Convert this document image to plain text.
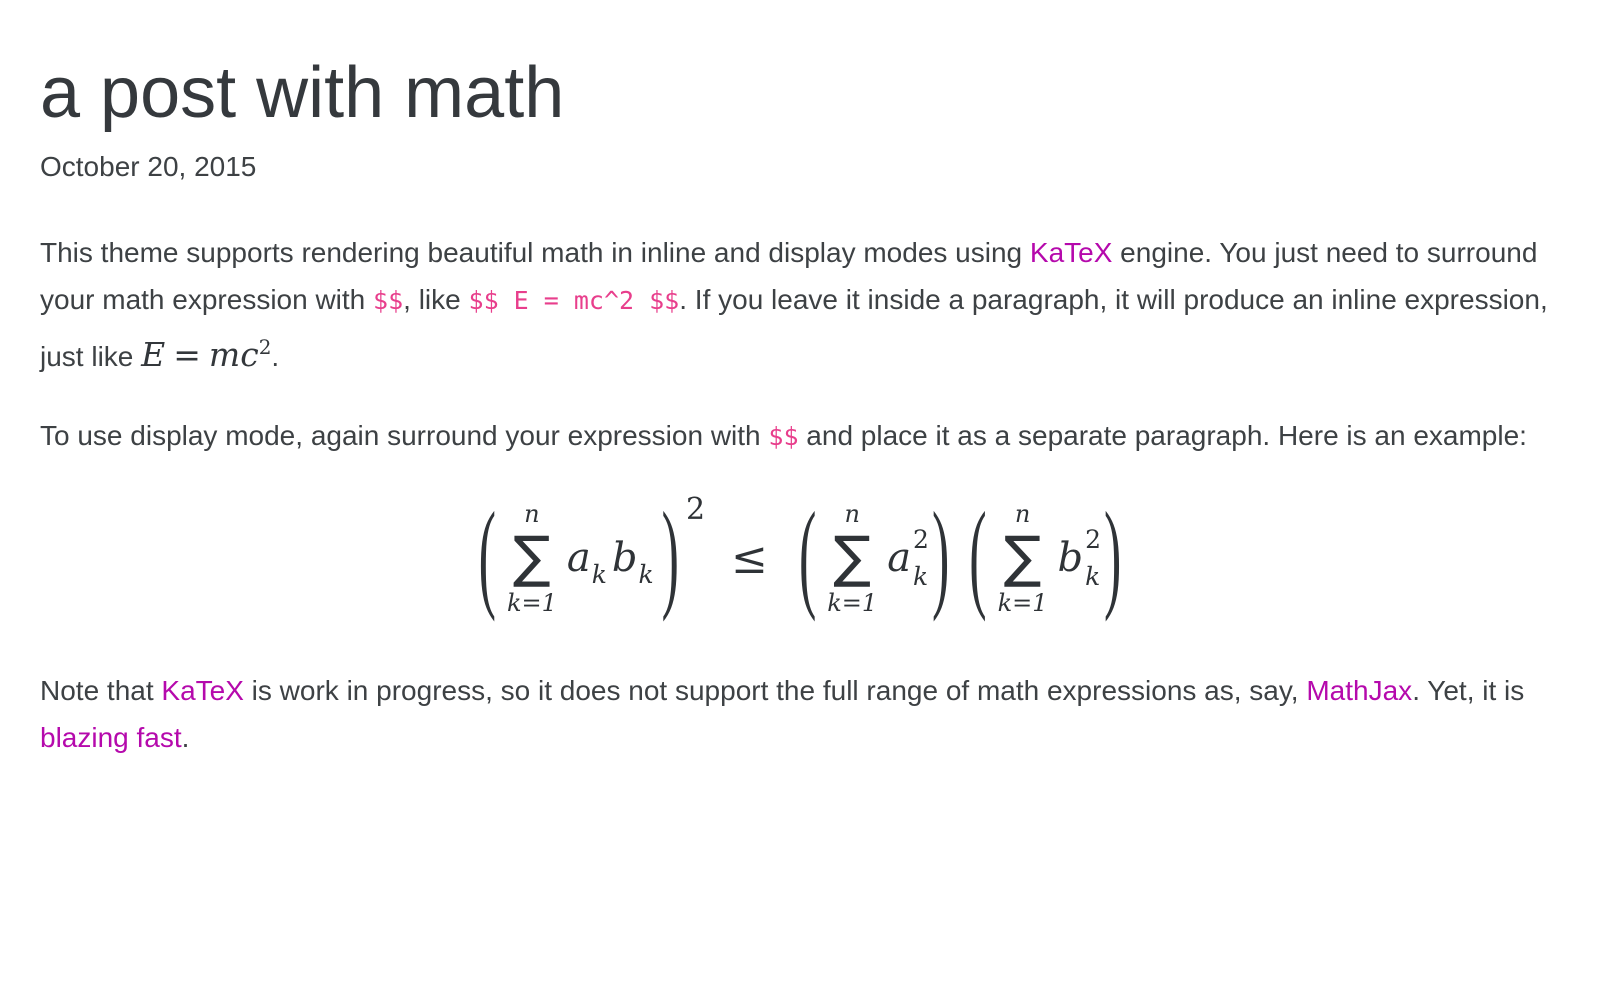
a post with math

October 20, 2015

This theme supports rendering beautiful math in inline and display modes using KaTeX engine. You just need to surround your math expression with $$, like $$ E = mc^2 $$. If you leave it inside a paragraph, it will produce an inline expression, just like $E = mc^2$.

To use display mode, again surround your expression with $$ and place it as a separate paragraph. Here is an example:

( n
∑
k=1
a k b k ) 2
≤ ( n
∑
k=1
a 2
k ) ( n
∑
k=1
b 2
k )

Note that KaTeX is work in progress, so it does not support the full range of math expressions as, say, MathJax. Yet, it is blazing fast.
